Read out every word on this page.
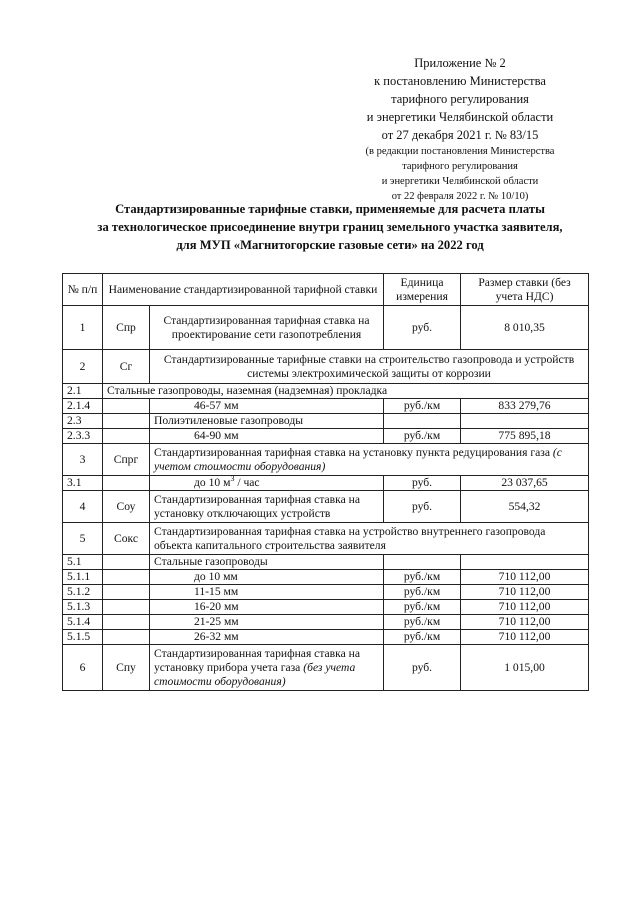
Приложение № 2
к постановлению Министерства
тарифного регулирования
и энергетики Челябинской области
от 27 декабря 2021 г. № 83/15
(в редакции постановления Министерства
тарифного регулирования
и энергетики Челябинской области
от 22 февраля 2022 г. № 10/10)
Стандартизированные тарифные ставки, применяемые для расчета платы
за технологическое присоединение внутри границ земельного участка заявителя,
для МУП «Магнитогорские газовые сети» на 2022 год
№ п/п	Наименование стандартизированной тарифной ставки		Единица измерения	Размер ставки (без учета НДС)
1	Спр	Стандартизированная тарифная ставка на проектирование сети газопотребления	руб.	8 010,35
2	Сг	Стандартизированные тарифные ставки на строительство газопровода и устройств системы электрохимической защиты от коррозии		
2.1	Стальные газопроводы, наземная (надземная) прокладка			
2.1.4		46-57 мм	руб./км	833 279,76
2.3		Полиэтиленовые газопроводы		
2.3.3		64-90 мм	руб./км	775 895,18
3	Спрг	Стандартизированная тарифная ставка на установку пункта редуцирования газа (с учетом стоимости оборудования)		
3.1		до 10 $м^3$ / час	руб.	23 037,65
4	Соу	Стандартизированная тарифная ставка на установку отключающих устройств	руб.	554,32
5	Сокс	Стандартизированная тарифная ставка на устройство внутреннего газопровода объекта капитального строительства заявителя		
5.1		Стальные газопроводы		
5.1.1		до 10 мм	руб./км	710 112,00
5.1.2		11-15 мм	руб./км	710 112,00
5.1.3		16-20 мм	руб./км	710 112,00
5.1.4		21-25 мм	руб./км	710 112,00
5.1.5		26-32 мм	руб./км	710 112,00
6	Спу	Стандартизированная тарифная ставка на установку прибора учета газа (без учета стоимости оборудования)	руб.	1 015,00
